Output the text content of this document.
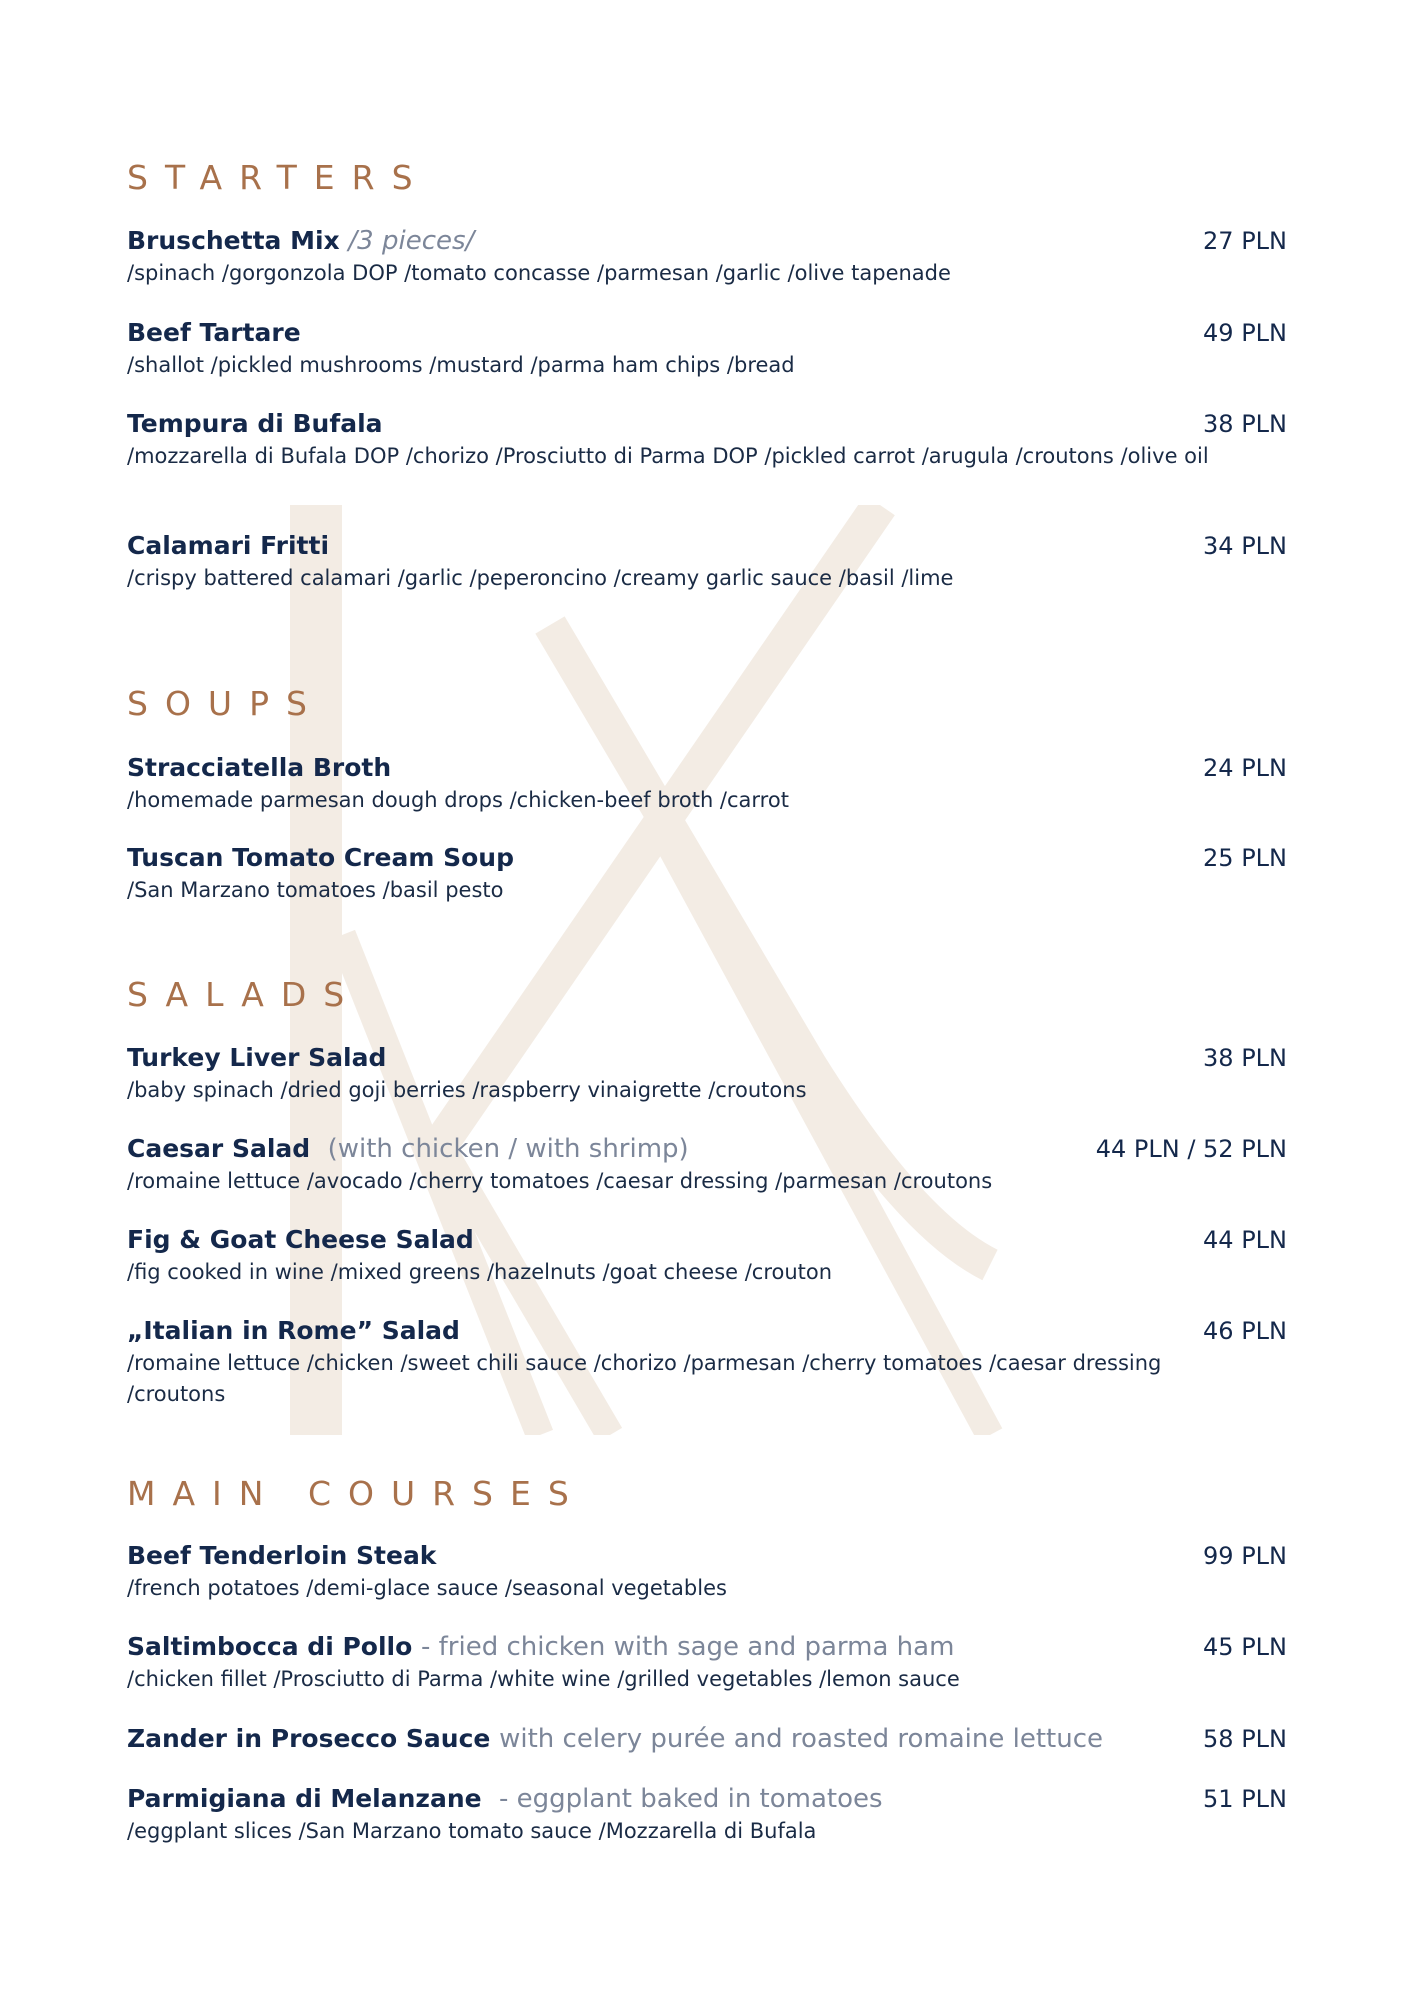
STARTERS
Bruschetta Mix /3 pieces/
/spinach /gorgonzola DOP /tomato concasse /parmesan /garlic /olive tapenade
27 PLN
Beef Tartare
/shallot /pickled mushrooms /mustard /parma ham chips /bread
49 PLN
Tempura di Bufala
/mozzarella di Bufala DOP /chorizo /Prosciutto di Parma DOP /pickled carrot /arugula /croutons /olive oil
38 PLN
Calamari Fritti
/crispy battered calamari /garlic /peperoncino /creamy garlic sauce /basil /lime
34 PLN
SOUPS
Stracciatella Broth
/homemade parmesan dough drops /chicken-beef broth /carrot
24 PLN
Tuscan Tomato Cream Soup
/San Marzano tomatoes /basil pesto
25 PLN
SALADS
Turkey Liver Salad
/baby spinach /dried goji berries /raspberry vinaigrette /croutons
38 PLN
Caesar Salad (with chicken / with shrimp)
/romaine lettuce /avocado /cherry tomatoes /caesar dressing /parmesan /croutons
44 PLN / 52 PLN
Fig & Goat Cheese Salad
/fig cooked in wine /mixed greens /hazelnuts /goat cheese /crouton
44 PLN
„Italian in Rome” Salad
/romaine lettuce /chicken /sweet chili sauce /chorizo /parmesan /cherry tomatoes /caesar dressing /croutons
46 PLN
MAIN COURSES
Beef Tenderloin Steak
/french potatoes /demi-glace sauce /seasonal vegetables
99 PLN
Saltimbocca di Pollo - fried chicken with sage and parma ham
/chicken fillet /Prosciutto di Parma /white wine /grilled vegetables /lemon sauce
45 PLN
Zander in Prosecco Sauce with celery purée and roasted romaine lettuce	58 PLN
Parmigiana di Melanzane - eggplant baked in tomatoes
/eggplant slices /San Marzano tomato sauce /Mozzarella di Bufala
51 PLN
